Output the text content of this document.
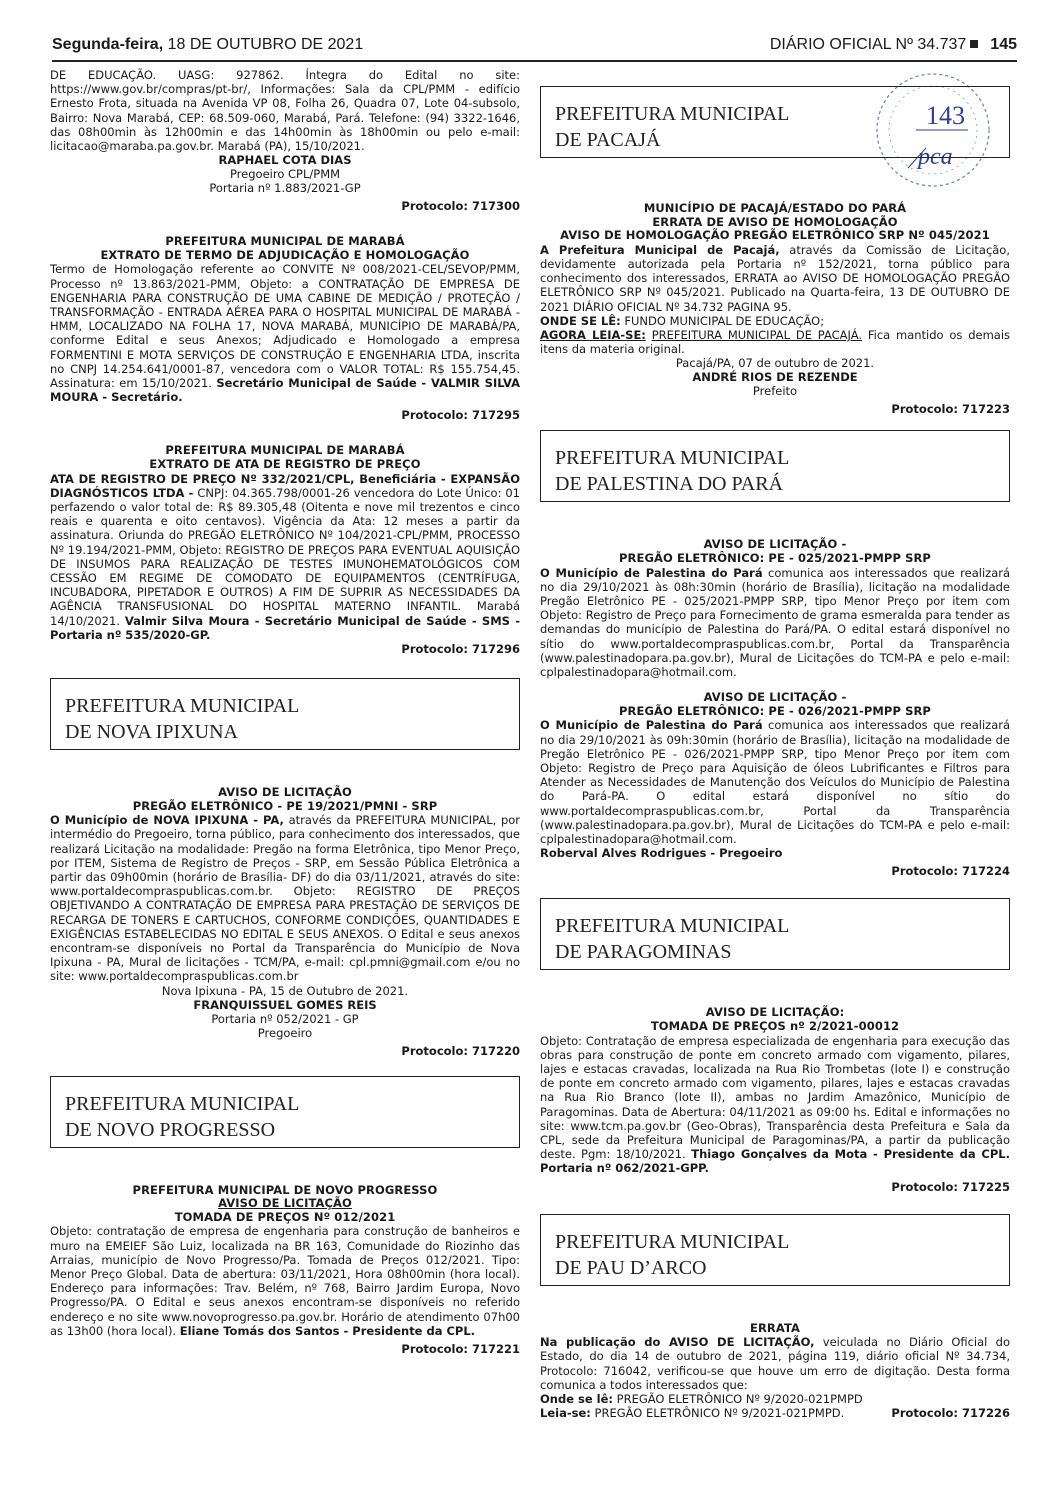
Segunda-feira, 18 DE OUTUBRO DE 2021	DIÁRIO OFICIAL Nº 34.737 145
143
pca

DE EDUCAÇÃO. UASG: 927862. Íntegra do Edital no site: https://www.gov.br/compras/pt-br/, Informações: Sala da CPL/PMM - edifício Ernesto Frota, situada na Avenida VP 08, Folha 26, Quadra 07, Lote 04-subsolo, Bairro: Nova Marabá, CEP: 68.509-060, Marabá, Pará. Telefone: (94) 3322-1646, das 08h00min às 12h00min e das 14h00min às 18h00min ou pelo e-mail: licitacao@maraba.pa.gov.br. Marabá (PA), 15/10/2021.

RAPHAEL COTA DIAS

Pregoeiro CPL/PMM

Portaria nº 1.883/2021-GP

Protocolo: 717300

PREFEITURA MUNICIPAL DE MARABÁ

EXTRATO DE TERMO DE ADJUDICAÇÃO E HOMOLOGAÇÃO

Termo de Homologação referente ao CONVITE Nº 008/2021-CEL/SEVOP/PMM, Processo nº 13.863/2021-PMM, Objeto: a CONTRATAÇÃO DE EMPRESA DE ENGENHARIA PARA CONSTRUÇÃO DE UMA CABINE DE MEDIÇÃO / PROTEÇÃO / TRANSFORMAÇÃO - ENTRADA AÉREA PARA O HOSPITAL MUNICIPAL DE MARABÁ - HMM, LOCALIZADO NA FOLHA 17, NOVA MARABÁ, MUNICÍPIO DE MARABÁ/PA, conforme Edital e seus Anexos; Adjudicado e Homologado a empresa FORMENTINI E MOTA SERVIÇOS DE CONSTRUÇÃO E ENGENHARIA LTDA, inscrita no CNPJ 14.254.641/0001-87, vencedora com o VALOR TOTAL: R$ 155.754,45. Assinatura: em 15/10/2021. Secretário Municipal de Saúde - VALMIR SILVA MOURA - Secretário.

Protocolo: 717295

PREFEITURA MUNICIPAL DE MARABÁ

EXTRATO DE ATA DE REGISTRO DE PREÇO

ATA DE REGISTRO DE PREÇO Nº 332/2021/CPL, Beneficiária - EXPANSÃO DIAGNÓSTICOS LTDA - CNPJ: 04.365.798/0001-26 vencedora do Lote Único: 01 perfazendo o valor total de: R$ 89.305,48 (Oitenta e nove mil trezentos e cinco reais e quarenta e oito centavos). Vigência da Ata: 12 meses a partir da assinatura. Oriunda do PREGÃO ELETRÔNICO Nº 104/2021-CPL/PMM, PROCESSO Nº 19.194/2021-PMM, Objeto: REGISTRO DE PREÇOS PARA EVENTUAL AQUISIÇÃO DE INSUMOS PARA REALIZAÇÃO DE TESTES IMUNOHEMATOLÓGICOS COM CESSÃO EM REGIME DE COMODATO DE EQUIPAMENTOS (CENTRÍFUGA, INCUBADORA, PIPETADOR E OUTROS) A FIM DE SUPRIR AS NECESSIDADES DA AGÊNCIA TRANSFUSIONAL DO HOSPITAL MATERNO INFANTIL. Marabá 14/10/2021. Valmir Silva Moura - Secretário Municipal de Saúde - SMS - Portaria nº 535/2020-GP.

Protocolo: 717296

PREFEITURA MUNICIPAL
DE NOVA IPIXUNA

AVISO DE LICITAÇÃO

PREGÃO ELETRÔNICO - PE 19/2021/PMNI - SRP

O Município de NOVA IPIXUNA - PA, através da PREFEITURA MUNICIPAL, por intermédio do Pregoeiro, torna público, para conhecimento dos interessados, que realizará Licitação na modalidade: Pregão na forma Eletrônica, tipo Menor Preço, por ITEM, Sistema de Registro de Preços - SRP, em Sessão Pública Eletrônica a partir das 09h00min (horário de Brasília- DF) do dia 03/11/2021, através do site: www.portaldecompraspublicas.com.br. Objeto: REGISTRO DE PREÇOS OBJETIVANDO A CONTRATAÇÃO DE EMPRESA PARA PRESTAÇÃO DE SERVIÇOS DE RECARGA DE TONERS E CARTUCHOS, CONFORME CONDIÇÕES, QUANTIDADES E EXIGÊNCIAS ESTABELECIDAS NO EDITAL E SEUS ANEXOS. O Edital e seus anexos encontram-se disponíveis no Portal da Transparência do Município de Nova Ipixuna - PA, Mural de licitações - TCM/PA, e-mail: cpl.pmni@gmail.com e/ou no site: www.portaldecompraspublicas.com.br

Nova Ipixuna - PA, 15 de Outubro de 2021.

FRANQUISSUEL GOMES REIS

Portaria nº 052/2021 - GP

Pregoeiro

Protocolo: 717220

PREFEITURA MUNICIPAL
DE NOVO PROGRESSO

PREFEITURA MUNICIPAL DE NOVO PROGRESSO

AVISO DE LICITAÇÃO

TOMADA DE PREÇOS Nº 012/2021

Objeto: contratação de empresa de engenharia para construção de banheiros e muro na EMEIEF São Luiz, localizada na BR 163, Comunidade do Riozinho das Arraias, município de Novo Progresso/Pa. Tomada de Preços 012/2021. Tipo: Menor Preço Global. Data de abertura: 03/11/2021, Hora 08h00min (hora local). Endereço para informações: Trav. Belém, nº 768, Bairro Jardim Europa, Novo Progresso/PA. O Edital e seus anexos encontram-se disponíveis no referido endereço e no site www.novoprogresso.pa.gov.br. Horário de atendimento 07h00 as 13h00 (hora local). Eliane Tomás dos Santos - Presidente da CPL.

Protocolo: 717221

PREFEITURA MUNICIPAL
DE PACAJÁ

MUNICÍPIO DE PACAJÁ/ESTADO DO PARÁ

ERRATA DE AVISO DE HOMOLOGAÇÃO

AVISO DE HOMOLOGAÇÃO PREGÃO ELETRÔNICO SRP Nº 045/2021

A Prefeitura Municipal de Pacajá, através da Comissão de Licitação, devidamente autorizada pela Portaria nº 152/2021, torna público para conhecimento dos interessados, ERRATA ao AVISO DE HOMOLOGAÇÃO PREGÃO ELETRÔNICO SRP Nº 045/2021. Publicado na Quarta-feira, 13 DE OUTUBRO DE 2021 DIÁRIO OFICIAL Nº 34.732 PAGINA 95.

ONDE SE LÊ: FUNDO MUNICIPAL DE EDUCAÇÃO;

AGORA LEIA-SE: PREFEITURA MUNICIPAL DE PACAJÁ. Fica mantido os demais itens da materia original.

Pacajá/PA, 07 de outubro de 2021.

ANDRÉ RIOS DE REZENDE

Prefeito

Protocolo: 717223

PREFEITURA MUNICIPAL
DE PALESTINA DO PARÁ

AVISO DE LICITAÇÃO -

PREGÃO ELETRÔNICO: PE - 025/2021-PMPP SRP

O Município de Palestina do Pará comunica aos interessados que realizará no dia 29/10/2021 às 08h:30min (horário de Brasília), licitação na modalidade Pregão Eletrônico PE - 025/2021-PMPP SRP, tipo Menor Preço por item com Objeto: Registro de Preço para Fornecimento de grama esmeralda para tender as demandas do município de Palestina do Pará/PA. O edital estará disponível no sítio do www.portaldecompraspublicas.com.br, Portal da Transparência (www.palestinadopara.pa.gov.br), Mural de Licitações do TCM-PA e pelo e-mail: cplpalestinadopara@hotmail.com.

AVISO DE LICITAÇÃO -

PREGÃO ELETRÔNICO: PE - 026/2021-PMPP SRP

O Município de Palestina do Pará comunica aos interessados que realizará no dia 29/10/2021 às 09h:30min (horário de Brasília), licitação na modalidade de Pregão Eletrônico PE - 026/2021-PMPP SRP, tipo Menor Preço por item com Objeto: Registro de Preço para Aquisição de óleos Lubrificantes e Filtros para Atender as Necessidades de Manutenção dos Veículos do Município de Palestina do Pará-PA. O edital estará disponível no sítio do www.portaldecompraspublicas.com.br, Portal da Transparência (www.palestinadopara.pa.gov.br), Mural de Licitações do TCM-PA e pelo e-mail: cplpalestinadopara@hotmail.com.

Roberval Alves Rodrigues - Pregoeiro

Protocolo: 717224

PREFEITURA MUNICIPAL
DE PARAGOMINAS

AVISO DE LICITAÇÃO:

TOMADA DE PREÇOS nº 2/2021-00012

Objeto: Contratação de empresa especializada de engenharia para execução das obras para construção de ponte em concreto armado com vigamento, pilares, lajes e estacas cravadas, localizada na Rua Rio Trombetas (lote I) e construção de ponte em concreto armado com vigamento, pilares, lajes e estacas cravadas na Rua Rio Branco (lote II), ambas no Jardim Amazônico, Município de Paragominas. Data de Abertura: 04/11/2021 as 09:00 hs. Edital e informações no site: www.tcm.pa.gov.br (Geo-Obras), Transparência desta Prefeitura e Sala da CPL, sede da Prefeitura Municipal de Paragominas/PA, a partir da publicação deste. Pgm: 18/10/2021. Thiago Gonçalves da Mota - Presidente da CPL. Portaria nº 062/2021-GPP.

Protocolo: 717225

PREFEITURA MUNICIPAL
DE PAU D’ARCO

ERRATA

Na publicação do AVISO DE LICITAÇÃO, veiculada no Diário Oficial do Estado, do dia 14 de outubro de 2021, página 119, diário oficial Nº 34.734, Protocolo: 716042, verificou-se que houve um erro de digitação. Desta forma comunica a todos interessados que:

Onde se lê: PREGÃO ELETRÔNICO Nº 9/2020-021PMPD

Leia-se: PREGÃO ELETRÔNICO Nº 9/2021-021PMPD.	Protocolo: 717226
